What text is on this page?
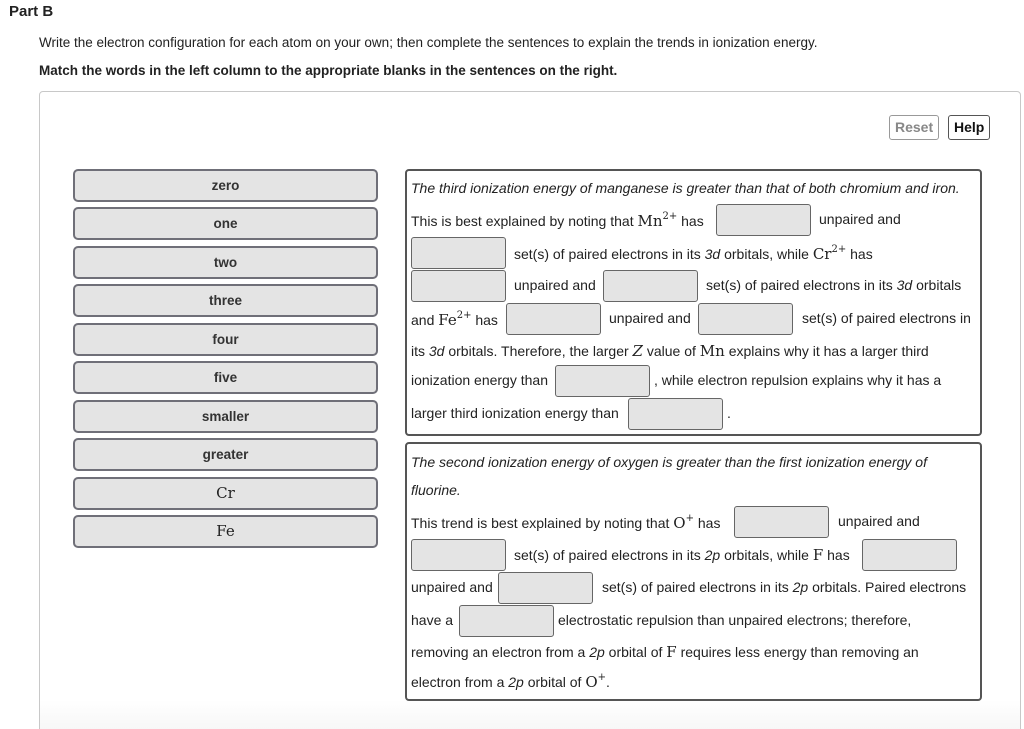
Part B
Write the electron configuration for each atom on your own; then complete the sentences to explain the trends in ionization energy.
Match the words in the left column to the appropriate blanks in the sentences on the right.
Reset	Help
zero
one
two
three
four
five
smaller
greater
Cr
Fe
The third ionization energy of manganese is greater than that of both chromium and iron.
This is best explained by noting that $Mn^{2+}$ has	unpaired and
set(s) of paired electrons in its 3d orbitals, while $Cr^{2+}$ has
unpaired and	set(s) of paired electrons in its 3d orbitals
and $Fe^{2+}$ has	unpaired and	set(s) of paired electrons in
its 3d orbitals. Therefore, the larger Z value of Mn explains why it has a larger third
ionization energy than	, while electron repulsion explains why it has a
larger third ionization energy than	.
The second ionization energy of oxygen is greater than the first ionization energy of
fluorine.
This trend is best explained by noting that O+ has	unpaired and
set(s) of paired electrons in its 2p orbitals, while F has
unpaired and	set(s) of paired electrons in its 2p orbitals. Paired electrons
have a	electrostatic repulsion than unpaired electrons; therefore,
removing an electron from a 2p orbital of F requires less energy than removing an
electron from a 2p orbital of O+.
